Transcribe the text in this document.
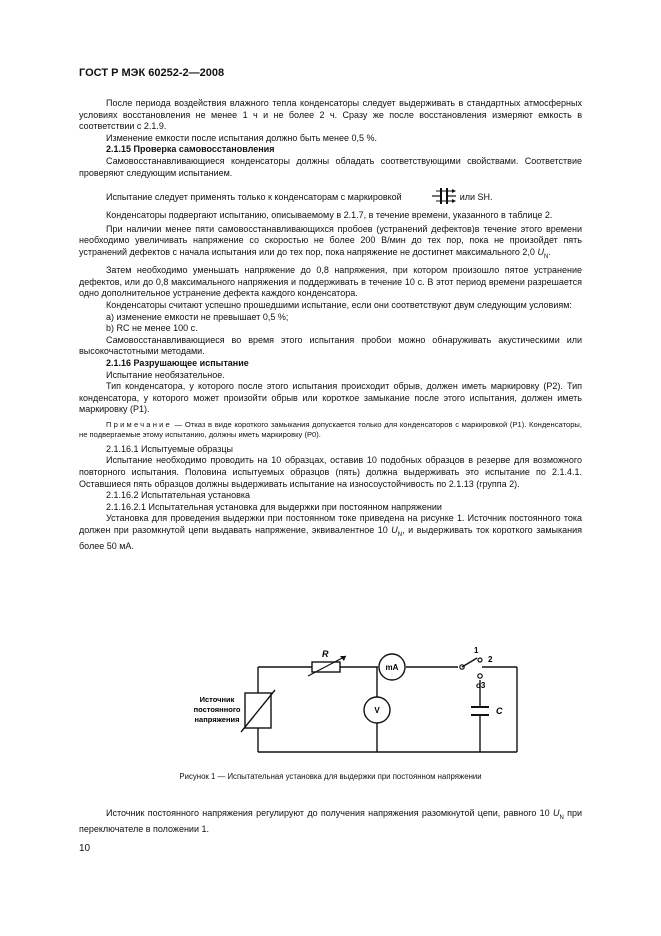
ГОСТ Р МЭК 60252-2—2008

После периода воздействия влажного тепла конденсаторы следует выдерживать в стандартных атмосферных условиях восстановления не менее 1 ч и не более 2 ч. Сразу же после восстановления измеряют емкость в соответствии с 2.1.9.

Изменение емкости после испытания должно быть менее 0,5 %.

2.1.15 Проверка самовосстановления

Самовосстанавливающиеся конденсаторы должны обладать соответствующими свойствами. Соответствие проверяют следующим испытанием.

Испытание следует применять только к конденсаторам с маркировкой	или SH.

Конденсаторы подвергают испытанию, описываемому в 2.1.7, в течение времени, указанного в таблице 2.

При наличии менее пяти самовосстанавливающихся пробоев (устранений дефектов)в течение этого времени необходимо увеличивать напряжение со скоростью не более 200 В/мин до тех пор, пока не произойдет пять устранений дефектов с начала испытания или до тех пор, пока напряжение не достигнет максимального 2,0 $U_N$.

Затем необходимо уменьшать напряжение до 0,8 напряжения, при котором произошло пятое устранение дефектов, или до 0,8 максимального напряжения и поддерживать в течение 10 с. В этот период времени разрешается одно дополнительное устранение дефекта каждого конденсатора.

Конденсаторы считают успешно прошедшими испытание, если они соответствуют двум следующим условиям:

а) изменение емкости не превышает 0,5 %;

b) RC не менее 100 с.

Самовосстанавливающиеся во время этого испытания пробои можно обнаруживать акустическими или высокочастотными методами.

2.1.16 Разрушающее испытание

Испытание необязательное.

Тип конденсатора, у которого после этого испытания происходит обрыв, должен иметь маркировку (Р2). Тип конденсатора, у которого может произойти обрыв или короткое замыкание после этого испытания, должен иметь маркировку (Р1).

Примечание — Отказ в виде короткого замыкания допускается только для конденсаторов с маркировкой (Р1). Конденсаторы, не подвергаемые этому испытанию, должны иметь маркировку (Р0).

2.1.16.1 Испытуемые образцы

Испытание необходимо проводить на 10 образцах, оставив 10 подобных образцов в резерве для возможного повторного испытания. Половина испытуемых образцов (пять) должна выдерживать это испытание по 2.1.4.1. Оставшиеся пять образцов должны выдерживать испытание на износоустойчивость по 2.1.13 (группа 2).

2.1.16.2 Испытательная установка

2.1.16.2.1 Испытательная установка для выдержки при постоянном напряжении

Установка для проведения выдержки при постоянном токе приведена на рисунке 1. Источник постоянного тока должен при разомкнутой цепи выдавать напряжение, эквивалентное 10 $U_N$, и выдерживать ток короткого замыкания более 50 мА.

Источник
постоянного
напряжения
R
mA
V	C
1
2
o3
Рисунок 1 — Испытательная установка для выдержки при постоянном напряжении

Источник постоянного напряжения регулируют до получения напряжения разомкнутой цепи, равного 10 $U_N$ при переключателе в положении 1.

10
